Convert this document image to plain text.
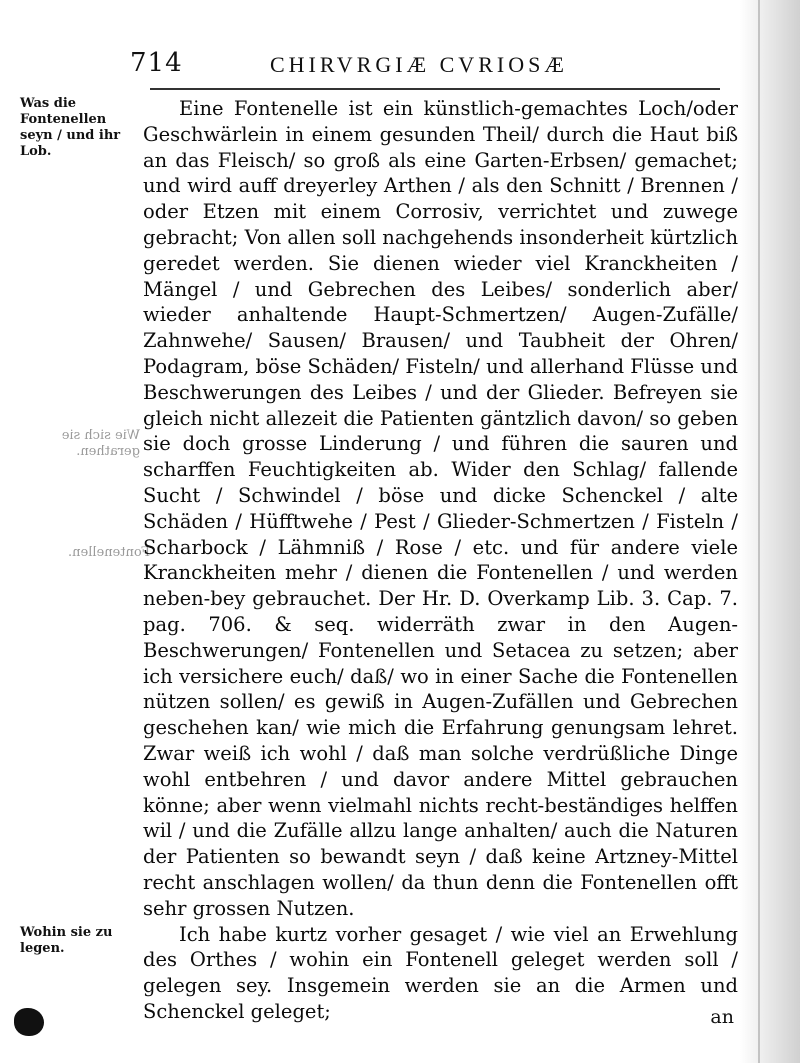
714	CHIRVRGIÆ CVRIOSÆ
Was die Fontenellen seyn / und ihr Lob.
Wie sich sie gerathen.
Fontenellen.
Wohin sie zu legen.

Eine Fontenelle ist ein künstlich-gemachtes Loch/oder Geschwärlein in einem gesunden Theil/ durch die Haut biß an das Fleisch/ so groß als eine Garten-Erbsen/ gemachet; und wird auff dreyerley Arthen / als den Schnitt / Brennen / oder Etzen mit einem Corrosiv, verrichtet und zuwege gebracht; Von allen soll nachgehends insonderheit kürtzlich geredet werden. Sie dienen wieder viel Kranckheiten / Mängel / und Gebrechen des Leibes/ sonderlich aber/ wieder anhaltende Haupt-Schmertzen/ Augen-Zufälle/ Zahnwehe/ Sausen/ Brausen/ und Taubheit der Ohren/ Podagram, böse Schäden/ Fisteln/ und allerhand Flüsse und Beschwerungen des Leibes / und der Glieder. Befreyen sie gleich nicht allezeit die Patienten gäntzlich davon/ so geben sie doch grosse Linderung / und führen die sauren und scharffen Feuchtigkeiten ab. Wider den Schlag/ fallende Sucht / Schwindel / böse und dicke Schenckel / alte Schäden / Hüfftwehe / Pest / Glieder-Schmertzen / Fisteln / Scharbock / Lähmniß / Rose / etc. und für andere viele Kranckheiten mehr / dienen die Fontenellen / und werden neben-bey gebrauchet. Der Hr. D. Overkamp Lib. 3. Cap. 7. pag. 706. & seq. widerräth zwar in den Augen-Beschwerungen/ Fontenellen und Setacea zu setzen; aber ich versichere euch/ daß/ wo in einer Sache die Fontenellen nützen sollen/ es gewiß in Augen-Zufällen und Gebrechen geschehen kan/ wie mich die Erfahrung genungsam lehret. Zwar weiß ich wohl / daß man solche verdrüßliche Dinge wohl entbehren / und davor andere Mittel gebrauchen könne; aber wenn vielmahl nichts recht-beständiges helffen wil / und die Zufälle allzu lange anhalten/ auch die Naturen der Patienten so bewandt seyn / daß keine Artzney-Mittel recht anschlagen wollen/ da thun denn die Fontenellen offt sehr grossen Nutzen.

Ich habe kurtz vorher gesaget / wie viel an Erwehlung des Orthes / wohin ein Fontenell geleget werden soll / gelegen sey. Insgemein werden sie an die Armen und Schenckel geleget;	an
